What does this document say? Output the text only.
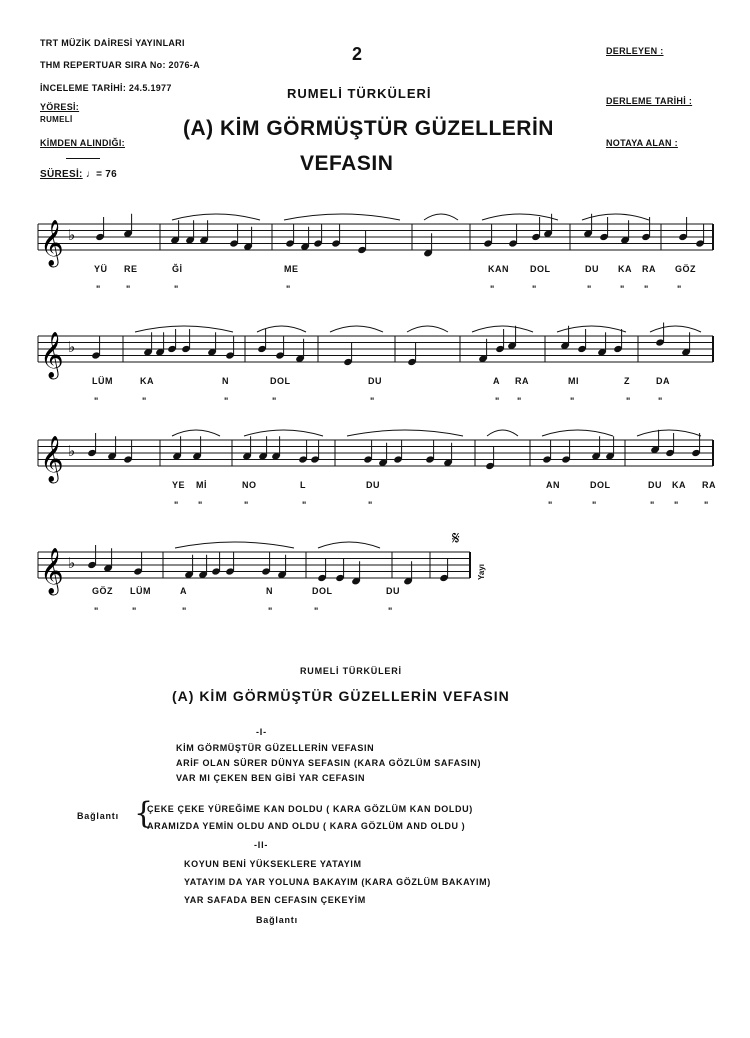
TRT MÜZİK DAİRESİ YAYINLARI
THM REPERTUAR SIRA No: 2076-A
İNCELEME TARİHİ: 24.5.1977
YÖRESİ:
RUMELİ
KİMDEN ALINDIĞI:
SÜRESİ: ♩= 76
2	DERLEYEN :
DERLEME TARİHİ :
NOTAYA ALAN :
RUMELİ TÜRKÜLERİ
(A) KİM GÖRMÜŞTÜR GÜZELLERİN
VEFASIN
𝄞 ♭
𝄞 ♭
𝄞 ♭
𝄞 ♭
𝄋
YÜ
"
RE
"
Ğİ
"
ME
"
KAN
"
DOL
"
DU
"
KA
"
RA
"
GÖZ
"
LÜM
"
KA
"
N
"
DOL
"
DU
"
A
"
RA
"
MI
"
Z
"
DA
"
YE
"
Mİ
"
NO
"
L
"
DU
"
AN
"
DOL
"
DU
"
KA
"
RA
"
GÖZ
"
LÜM
"
A
"
N
"
DOL
"
DU
"
Yayı
RUMELİ TÜRKÜLERİ
(A) KİM GÖRMÜŞTÜR GÜZELLERİN VEFASIN
-I-
KİM GÖRMÜŞTÜR GÜZELLERİN VEFASIN
ARİF OLAN SÜRER DÜNYA SEFASIN (KARA GÖZLÜM SAFASIN)
VAR MI ÇEKEN BEN GİBİ YAR CEFASIN
Bağlantı {
ÇEKE ÇEKE YÜREĞİME KAN DOLDU ( KARA GÖZLÜM KAN DOLDU)
ARAMIZDA YEMİN OLDU AND OLDU ( KARA GÖZLÜM AND OLDU )
-II-
KOYUN BENİ YÜKSEKLERE YATAYIM
YATAYIM DA YAR YOLUNA BAKAYIM (KARA GÖZLÜM BAKAYIM)
YAR SAFADA BEN CEFASIN ÇEKEYİM
Bağlantı
